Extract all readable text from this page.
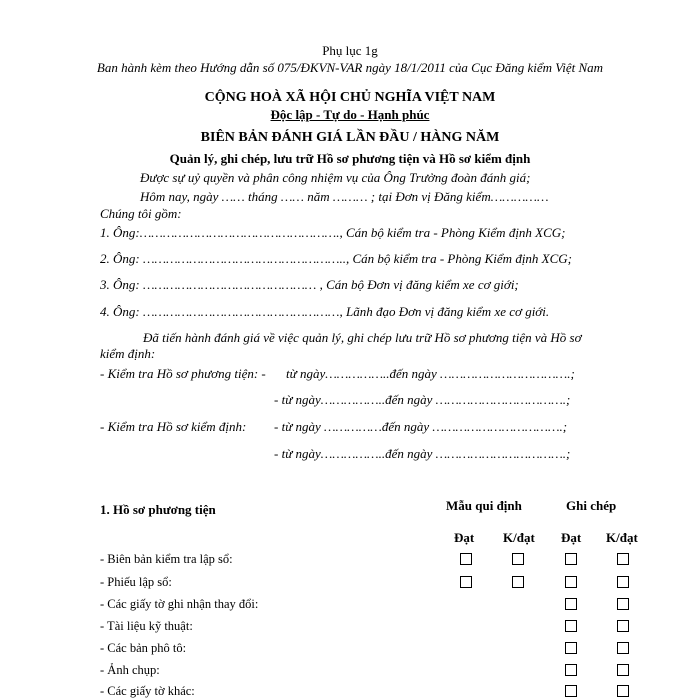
Phụ lục 1g
Ban hành kèm theo Hướng dẫn số 075/ĐKVN-VAR ngày 18/1/2011 của Cục Đăng kiểm Việt Nam
CỘNG HOÀ XÃ HỘI CHỦ NGHĨA VIỆT NAM
Độc lập - Tự do - Hạnh phúc
BIÊN BẢN ĐÁNH GIÁ LẦN ĐẦU / HÀNG NĂM
Quản lý, ghi chép, lưu trữ Hồ sơ phương tiện và Hồ sơ kiểm định
Được sự uỷ quyền và phân công nhiệm vụ của Ông Trưởng đoàn đánh giá;
Hôm nay, ngày …… tháng …… năm ……… ; tại Đơn vị Đăng kiểm……………
Chúng tôi gồm:
1. Ông:……………………………………………., Cán bộ kiểm tra - Phòng Kiểm định XCG;
2. Ông: …………………………………………….., Cán bộ kiểm tra - Phòng Kiểm định XCG;
3. Ông: ……………………………………… , Cán bộ Đơn vị đăng kiểm xe cơ giới;
4. Ông: ……………………………………………, Lãnh đạo Đơn vị đăng kiểm xe cơ giới.
Đã tiến hành đánh giá về việc quản lý, ghi chép lưu trữ Hồ sơ phương tiện và Hồ sơ
kiểm định:
- Kiểm tra Hồ sơ phương tiện: - từ ngày……………..đến ngày …………………………….;
- từ ngày……………..đến ngày …………………………….;
- Kiểm tra Hồ sơ kiểm định: - từ ngày ……………đến ngày …………………………….;
- từ ngày……………..đến ngày …………………………….;
1. Hồ sơ phương tiện	Mẫu qui định	Ghi chép
Đạt K/đạt Đạt K/đạt
- Biên bản kiểm tra lập sổ:
- Phiếu lập sổ:
- Các giấy tờ ghi nhận thay đổi:
- Tài liệu kỹ thuật:
- Các bản phô tô:
- Ảnh chụp:
- Các giấy tờ khác:
